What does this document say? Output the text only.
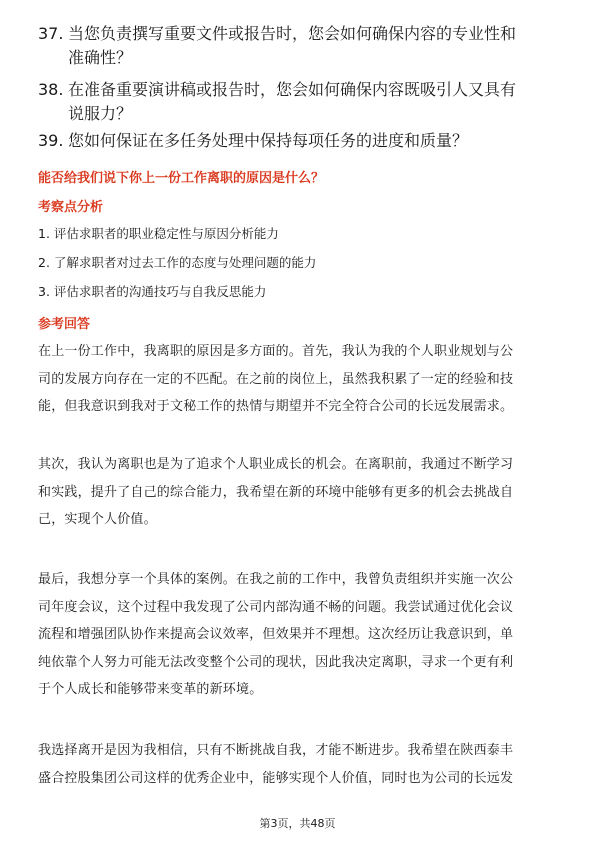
37. 当您负责撰写重要文件或报告时，您会如何确保内容的专业性和
准确性？
38. 在准备重要演讲稿或报告时，您会如何确保内容既吸引人又具有
说服力？
39. 您如何保证在多任务处理中保持每项任务的进度和质量？
能否给我们说下你上一份工作离职的原因是什么？
考察点分析
1. 评估求职者的职业稳定性与原因分析能力
2. 了解求职者对过去工作的态度与处理问题的能力
3. 评估求职者的沟通技巧与自我反思能力
参考回答
在上一份工作中，我离职的原因是多方面的。首先，我认为我的个人职业规划与公
司的发展方向存在一定的不匹配。在之前的岗位上，虽然我积累了一定的经验和技
能，但我意识到我对于文秘工作的热情与期望并不完全符合公司的长远发展需求。
其次，我认为离职也是为了追求个人职业成长的机会。在离职前，我通过不断学习
和实践，提升了自己的综合能力，我希望在新的环境中能够有更多的机会去挑战自
己，实现个人价值。
最后，我想分享一个具体的案例。在我之前的工作中，我曾负责组织并实施一次公
司年度会议，这个过程中我发现了公司内部沟通不畅的问题。我尝试通过优化会议
流程和增强团队协作来提高会议效率，但效果并不理想。这次经历让我意识到，单
纯依靠个人努力可能无法改变整个公司的现状，因此我决定离职，寻求一个更有利
于个人成长和能够带来变革的新环境。
我选择离开是因为我相信，只有不断挑战自我，才能不断进步。我希望在陕西泰丰
盛合控股集团公司这样的优秀企业中，能够实现个人价值，同时也为公司的长远发
第3页，共48页
